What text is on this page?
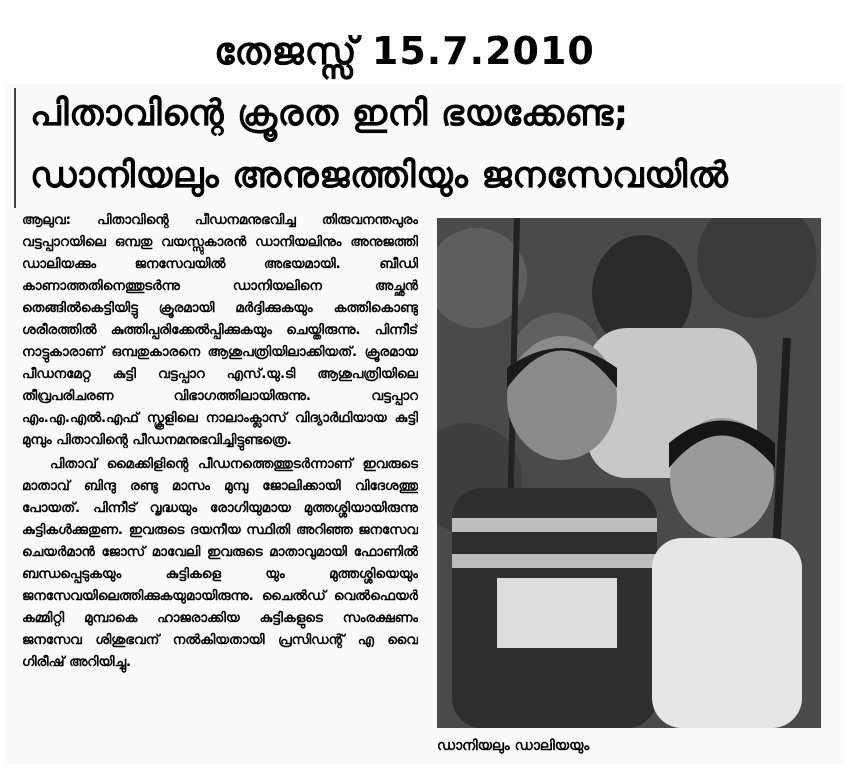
തേജസ്സ് 15.7.2010
പിതാവിന്റെ ക്രൂരത ഇനി ഭയക്കേണ്ട;
ഡാനിയലും അനുജത്തിയും ജനസേവയിൽ

ആലുവ: പിതാവിന്റെ പീഡനമനുഭവിച്ച തിരുവനന്തപുരം വട്ടപ്പാറയിലെ ഒമ്പതു വയസ്സുകാരൻ ഡാനിയലിനും അനുജത്തി ഡാലിയക്കും ജനസേവയിൽ അഭയമായി. ബീഡി കാണാത്തതിനെത്തുടർന്നു ഡാനിയലിനെ അച്ഛൻ തെങ്ങിൽകെട്ടിയിട്ടു ക്രൂരമായി മർദ്ദിക്കുകയും കത്തികൊണ്ടു ശരീരത്തിൽ കുത്തിപ്പരിക്കേൽപ്പിക്കുകയും ചെയ്തിരുന്നു. പിന്നീട് നാട്ടുകാരാണ് ഒമ്പതുകാരനെ ആശുപത്രിയിലാക്കിയത്. ക്രൂരമായ പീഡനമേറ്റ കുട്ടി വട്ടപ്പാറ എസ്.യു.ടി ആശുപത്രിയിലെ തീവ്രപരിചരണ വിഭാഗത്തിലായിരുന്നു. വട്ടപ്പാറ എം.എ.എൽ.എഫ് സ്കൂളിലെ നാലാംക്ലാസ് വിദ്യാർഥിയായ കുട്ടി മുമ്പും പിതാവിന്റെ പീഡനമനുഭവിച്ചിട്ടുണ്ടത്രെ.

പിതാവ് മൈക്കിളിന്റെ പീഡനത്തെത്തുടർന്നാണ് ഇവരുടെ മാതാവ് ബിന്ദു രണ്ടു മാസം മുമ്പു ജോലിക്കായി വിദേശത്തു പോയത്. പിന്നീട് വൃദ്ധയും രോഗിയുമായ മുത്തശ്ശിയായിരുന്നു കുട്ടികൾക്കുതുണ. ഇവരുടെ ദയനീയ സ്ഥിതി അറിഞ്ഞ ജനസേവ ചെയർമാൻ ജോസ് മാവേലി ഇവരുടെ മാതാവുമായി ഫോണിൽ ബന്ധപ്പെടുകയും കുട്ടികളെ യും മുത്തശ്ശിയെയും ജനസേവയിലെത്തിക്കുകയുമായിരുന്നു. ചൈൽഡ് വെൽഫെയർ കമ്മിറ്റി മുമ്പാകെ ഹാജരാക്കിയ കുട്ടികളുടെ സംരക്ഷണം ജനസേവ ശിശുഭവന് നൽകിയതായി പ്രസിഡന്റ് എ വൈ ഗിരീഷ് അറിയിച്ചു.

ഡാനിയലും ഡാലിയയും
